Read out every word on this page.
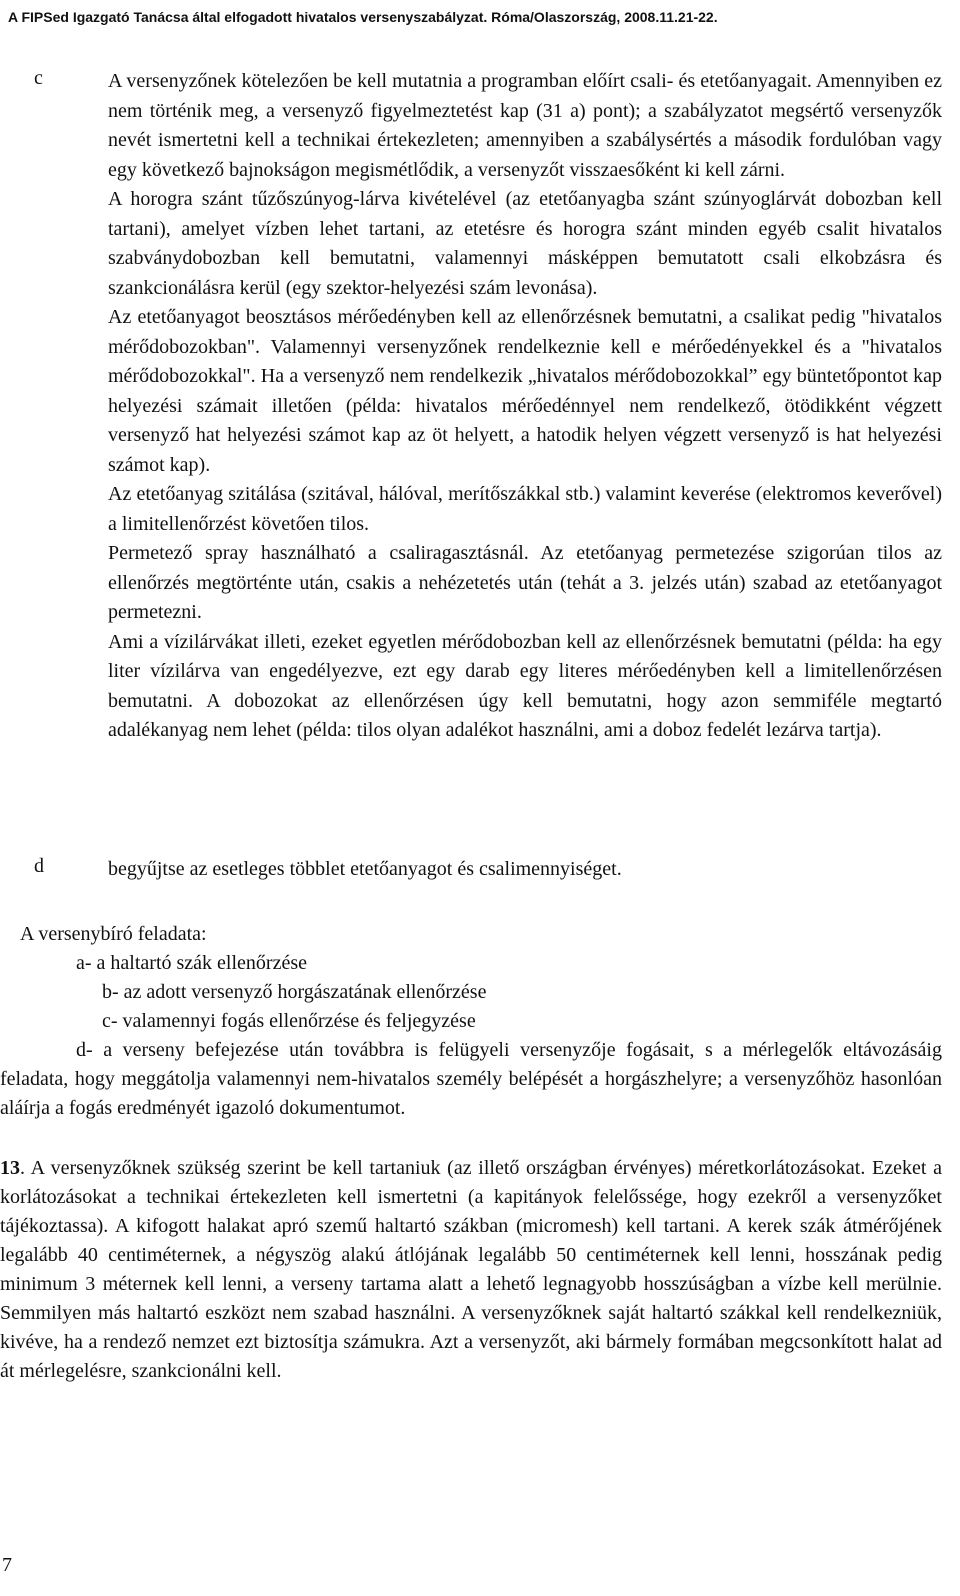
A FIPSed Igazgató Tanácsa által elfogadott hivatalos versenyszabályzat. Róma/Olaszország, 2008.11.21-22.
c	A versenyzőnek kötelezően be kell mutatnia a programban előírt csali- és etetőanyagait. Amennyiben ez nem történik meg, a versenyző figyelmeztetést kap (31 a) pont); a szabályzatot megsértő versenyzők nevét ismertetni kell a technikai értekezleten; amennyiben a szabálysértés a második fordulóban vagy egy következő bajnokságon megismétlődik, a versenyzőt visszaesőként ki kell zárni.

A horogra szánt tűzőszúnyog-lárva kivételével (az etetőanyagba szánt szúnyoglárvát dobozban kell tartani), amelyet vízben lehet tartani, az etetésre és horogra szánt minden egyéb csalit hivatalos szabványdobozban kell bemutatni, valamennyi másképpen bemutatott csali elkobzásra és szankcionálásra kerül (egy szektor-helyezési szám levonása).

Az etetőanyagot beosztásos mérőedényben kell az ellenőrzésnek bemutatni, a csalikat pedig "hivatalos mérődobozokban". Valamennyi versenyzőnek rendelkeznie kell e mérőedényekkel és a "hivatalos mérődobozokkal". Ha a versenyző nem rendelkezik „hivatalos mérődobozokkal” egy büntetőpontot kap helyezési számait illetően (példa: hivatalos mérőedénnyel nem rendelkező, ötödikként végzett versenyző hat helyezési számot kap az öt helyett, a hatodik helyen végzett versenyző is hat helyezési számot kap).

Az etetőanyag szitálása (szitával, hálóval, merítőszákkal stb.) valamint keverése (elektromos keverővel) a limitellenőrzést követően tilos.

Permetező spray használható a csaliragasztásnál. Az etetőanyag permetezése szigorúan tilos az ellenőrzés megtörténte után, csakis a nehézetetés után (tehát a 3. jelzés után) szabad az etetőanyagot permetezni.

Ami a vízilárvákat illeti, ezeket egyetlen mérődobozban kell az ellenőrzésnek bemutatni (példa: ha egy liter vízilárva van engedélyezve, ezt egy darab egy literes mérőedényben kell a limitellenőrzésen bemutatni. A dobozokat az ellenőrzésen úgy kell bemutatni, hogy azon semmiféle megtartó adalékanyag nem lehet (példa: tilos olyan adalékot használni, ami a doboz fedelét lezárva tartja).

d	begyűjtse az esetleges többlet etetőanyagot és csalimennyiséget.
A versenybíró feladata:
a- a haltartó szák ellenőrzése
b- az adott versenyző horgászatának ellenőrzése
c- valamennyi fogás ellenőrzése és feljegyzése
d- a verseny befejezése után továbbra is felügyeli versenyzője fogásait, s a mérlegelők eltávozásáig feladata, hogy meggátolja valamennyi nem-hivatalos személy belépését a horgászhelyre; a versenyzőhöz hasonlóan aláírja a fogás eredményét igazoló dokumentumot.
13. A versenyzőknek szükség szerint be kell tartaniuk (az illető országban érvényes) méretkorlátozásokat. Ezeket a korlátozásokat a technikai értekezleten kell ismertetni (a kapitányok felelőssége, hogy ezekről a versenyzőket tájékoztassa). A kifogott halakat apró szemű haltartó szákban (micromesh) kell tartani. A kerek szák átmérőjének legalább 40 centiméternek, a négyszög alakú átlójának legalább 50 centiméternek kell lenni, hosszának pedig minimum 3 méternek kell lenni, a verseny tartama alatt a lehető legnagyobb hosszúságban a vízbe kell merülnie. Semmilyen más haltartó eszközt nem szabad használni. A versenyzőknek saját haltartó szákkal kell rendelkezniük, kivéve, ha a rendező nemzet ezt biztosítja számukra. Azt a versenyzőt, aki bármely formában megcsonkított halat ad át mérlegelésre, szankcionálni kell.
7
